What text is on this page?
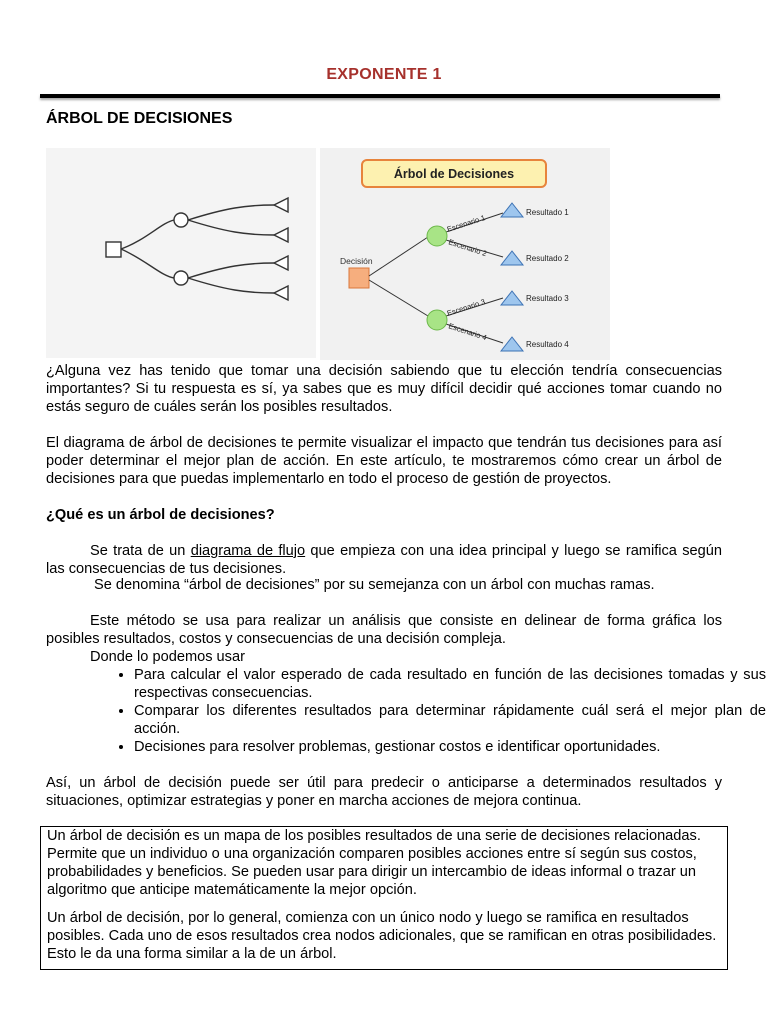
EXPONENTE 1
ÁRBOL DE DECISIONES
Árbol de Decisiones
Decisión
Escenario 1
Escenario 2
Escenario 3
Escenario 4
Resultado 1
Resultado 2
Resultado 3
Resultado 4
¿Alguna vez has tenido que tomar una decisión sabiendo que tu elección tendría consecuencias importantes? Si tu respuesta es sí, ya sabes que es muy difícil decidir qué acciones tomar cuando no estás seguro de cuáles serán los posibles resultados.
El diagrama de árbol de decisiones te permite visualizar el impacto que tendrán tus decisiones para así poder determinar el mejor plan de acción. En este artículo, te mostraremos cómo crear un árbol de decisiones para que puedas implementarlo en todo el proceso de gestión de proyectos.
¿Qué es un árbol de decisiones?
Se trata de un diagrama de flujo que empieza con una idea principal y luego se ramifica según las consecuencias de tus decisiones.
Se denomina “árbol de decisiones” por su semejanza con un árbol con muchas ramas.
Este método se usa para realizar un análisis que consiste en delinear de forma gráfica los posibles resultados, costos y consecuencias de una decisión compleja.
Donde lo podemos usar
• Para calcular el valor esperado de cada resultado en función de las decisiones tomadas y sus respectivas consecuencias.
• Comparar los diferentes resultados para determinar rápidamente cuál será el mejor plan de acción.
• Decisiones para resolver problemas, gestionar costos e identificar oportunidades.
Así, un árbol de decisión puede ser útil para predecir o anticiparse a determinados resultados y situaciones, optimizar estrategias y poner en marcha acciones de mejora continua.

Un árbol de decisión es un mapa de los posibles resultados de una serie de decisiones relacionadas. Permite que un individuo o una organización comparen posibles acciones entre sí según sus costos, probabilidades y beneficios. Se pueden usar para dirigir un intercambio de ideas informal o trazar un algoritmo que anticipe matemáticamente la mejor opción.

Un árbol de decisión, por lo general, comienza con un único nodo y luego se ramifica en resultados posibles. Cada uno de esos resultados crea nodos adicionales, que se ramifican en otras posibilidades. Esto le da una forma similar a la de un árbol.
